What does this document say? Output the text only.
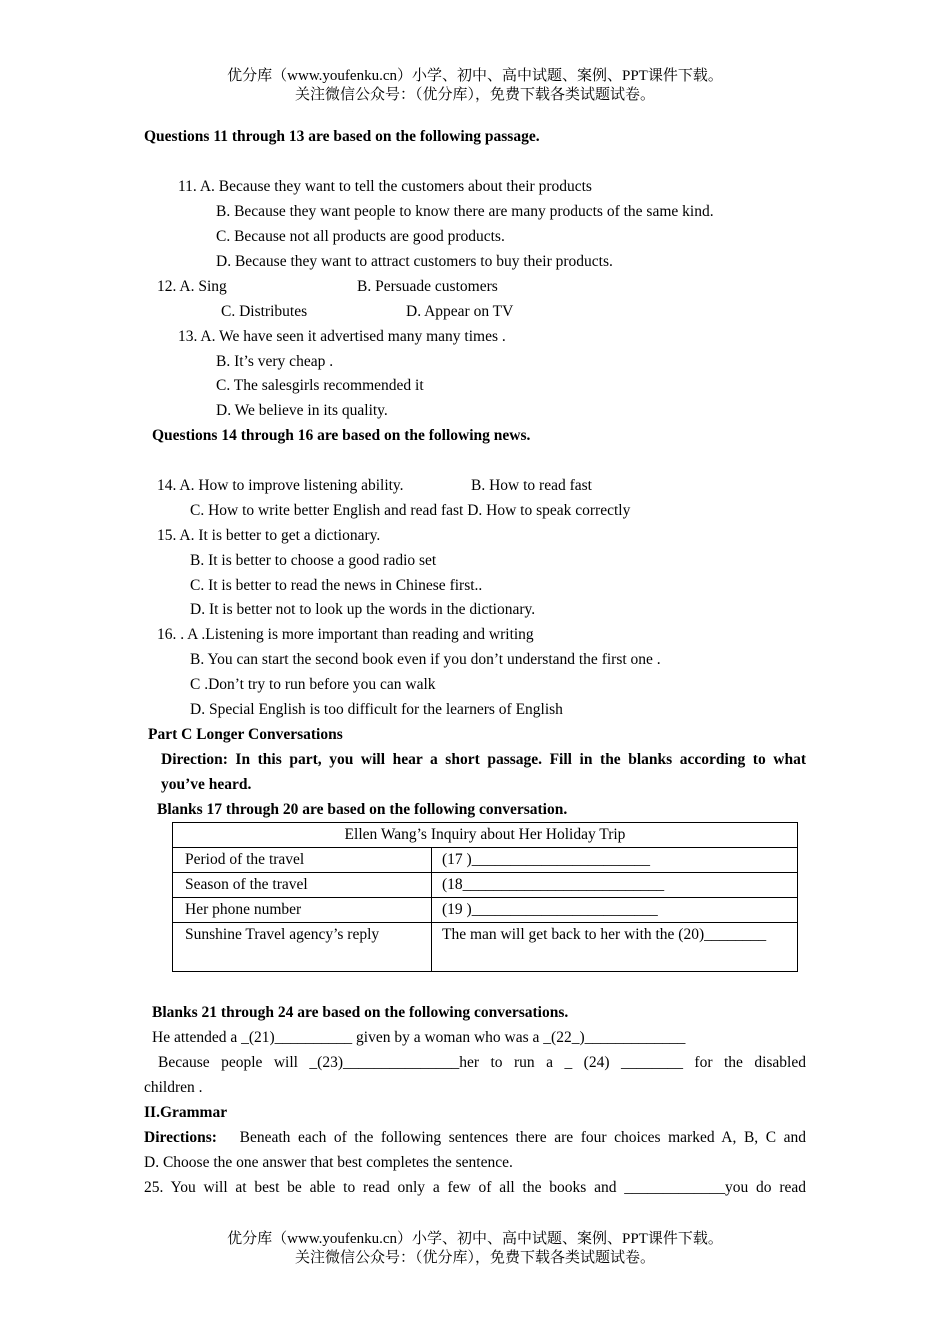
优分库（www.youfenku.cn）小学、初中、高中试题、案例、PPT课件下载。
关注微信公众号：（优分库），免费下载各类试题试卷。
Questions 11 through 13 are based on the following passage.
11. A. Because they want to tell the customers about their products
B. Because they want people to know there are many products of the same kind.
C. Because not all products are good products.
D. Because they want to attract customers to buy their products.
12. A. Sing	B. Persuade customers
C. Distributes	D. Appear on TV
13. A. We have seen it advertised many many times .
B. It’s very cheap .
C. The salesgirls recommended it
D. We believe in its quality.
Questions 14 through 16 are based on the following news.
14. A. How to improve listening ability.	B. How to read fast
C. How to write better English and read fast D. How to speak correctly
15. A. It is better to get a dictionary.
B. It is better to choose a good radio set
C. It is better to read the news in Chinese first..
D. It is better not to look up the words in the dictionary.
16. . A .Listening is more important than reading and writing
B. You can start the second book even if you don’t understand the first one .
C .Don’t try to run before you can walk
D. Special English is too difficult for the learners of English
Part C Longer Conversations
Direction: In this part, you will hear a short passage. Fill in the blanks according to what
you’ve heard.
Blanks 17 through 20 are based on the following conversation.
Ellen Wang’s Inquiry about Her Holiday Trip	
Period of the travel	(17 )_______________________
Season of the travel	(18__________________________
Her phone number	(19 )________________________
Sunshine Travel agency’s reply	The man will get back to her with the (20)________
Blanks 21 through 24 are based on the following conversations.
He attended a _(21)__________ given by a woman who was a _(22_)_____________
Because people will _(23)_______________her to run a _ (24) ________ for the disabled
children .
II.Grammar
Directions: Beneath each of the following sentences there are four choices marked A, B, C and
D. Choose the one answer that best completes the sentence.
25. You will at best be able to read only a few of all the books and _____________you do read
优分库（www.youfenku.cn）小学、初中、高中试题、案例、PPT课件下载。
关注微信公众号：（优分库），免费下载各类试题试卷。
